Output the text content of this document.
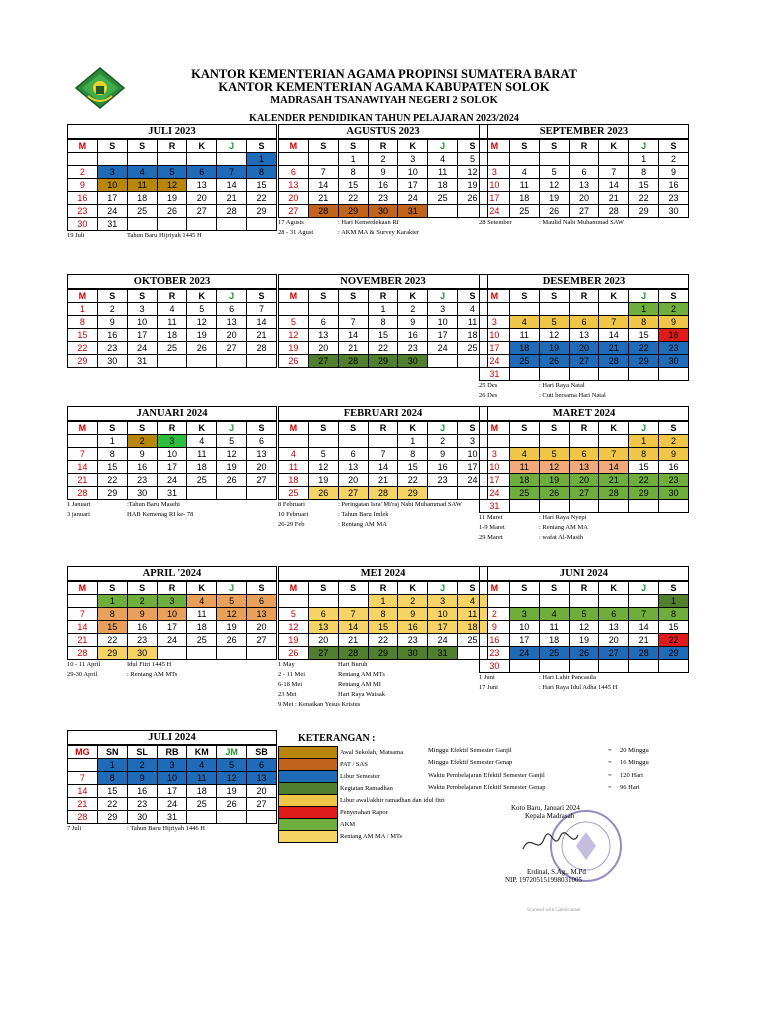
KANTOR KEMENTERIAN AGAMA PROPINSI SUMATERA BARAT
KANTOR KEMENTERIAN AGAMA KABUPATEN SOLOK
MADRASAH TSANAWIYAH NEGERI 2 SOLOK
KALENDER PENDIDIKAN TAHUN PELAJARAN 2023/2024
JULI 2023
M	S	S	R	K	J	S
						1
2	3	4	5	6	7	8
9	10	11	12	13	14	15
16	17	18	19	20	21	22
23	24	25	26	27	28	29
30	31					
19 Juli	Tahun Baru Hijriyah 1445 H
AGUSTUS 2023
M	S	S	R	K	J	S
		1	2	3	4	5
6	7	8	9	10	11	12
13	14	15	16	17	18	19
20	21	22	23	24	25	26
27	28	29	30	31		
17 Agusts	: Hari Kemerdekaan RI
28 - 31 Agust	: AKM MA & Survey Karakter
SEPTEMBER 2023
M	S	S	R	K	J	S
					1	2
3	4	5	6	7	8	9
10	11	12	13	14	15	16
17	18	19	20	21	22	23
24	25	26	27	28	29	30
28 Setember	: Maulid Nabi Muhammad SAW
OKTOBER 2023
M	S	S	R	K	J	S
1	2	3	4	5	6	7
8	9	10	11	12	13	14
15	16	17	18	19	20	21
22	23	24	25	26	27	28
29	30	31				
NOVEMBER 2023
M	S	S	R	K	J	S
			1	2	3	4
5	6	7	8	9	10	11
12	13	14	15	16	17	18
19	20	21	22	23	24	25
26	27	28	29	30		
DESEMBER 2023
M	S	S	R	K	J	S
					1	2
3	4	5	6	7	8	9
10	11	12	13	14	15	16
17	18	19	20	21	22	23
24	25	26	27	28	29	30
31						
25 Des	: Hari Raya Natal
26 Des	: Cuti bersama Hari Natal
JANUARI 2024
M	S	S	R	K	J	S
	1	2	3	4	5	6
7	8	9	10	11	12	13
14	15	16	17	18	19	20
21	22	23	24	25	26	27
28	29	30	31			
1 Januari	:Tahun Baru Masehi
3 januari	HAB Kemenag RI ke- 78
FEBRUARI 2024
M	S	S	R	K	J	S
				1	2	3
4	5	6	7	8	9	10
11	12	13	14	15	16	17
18	19	20	21	22	23	24
25	26	27	28	29		
8 Februari	: Peringatan Isra' Mi'raj Nabi Muhammad SAW
10 Februari	: Tahun Baru Imlek
26-29 Feb	: Rentang AM MA
MARET 2024
M	S	S	R	K	J	S
					1	2
3	4	5	6	7	8	9
10	11	12	13	14	15	16
17	18	19	20	21	22	23
24	25	26	27	28	29	30
31						
11 Maret	: Hari Raya Nyepi
1-9 Maret	: Rentang AM MA
29 Maret	: wafat Al-Masih
APRIL '2024
M	S	S	R	K	J	S
	1	2	3	4	5	6
7	8	9	10	11	12	13
14	15	16	17	18	19	20
21	22	23	24	25	26	27
28	29	30				
10 - 11 April	Idul Fitri 1445 H
29-30 April	: Rentang AM MTs
MEI 2024
M	S	S	R	K	J	S
			1	2	3	4
5	6	7	8	9	10	11
12	13	14	15	16	17	18
19	20	21	22	23	24	25
26	27	28	29	30	31	
1 May	Hari Buruh
2 - 11 Mei	Rentang AM MTs
6-18 Mei	Rentang AM MI
23 Mei	Hari Raya Waisak
9 Mei : Kenaikan Yesus Kristus
JUNI 2024
M	S	S	R	K	J	S
						1
2	3	4	5	6	7	8
9	10	11	12	13	14	15
16	17	18	19	20	21	22
23	24	25	26	27	28	29
30						
1 Juni	: Hari Lahir Pancasila
17 Juni	: Hari Raya Idul Adha 1445 H
JULI 2024
MG	SN	SL	RB	KM	JM	SB
	1	2	3	4	5	6
7	8	9	10	11	12	13
14	15	16	17	18	19	20
21	22	23	24	25	26	27
28	29	30	31			
7 Juli	: Tahun Baru Hijriyah 1446 H
KETERANGAN :
Awal Sekolah, Matsama
PAT / SAS
Libur Semester
Kegiatan Ramadhan
Libur awal/akhir ramadhan dan idul fitri
Penyerahan Rapor
AKM
Rentang AM MA / MTs
Minggu Efektif Semester Ganjil	=	20 Minggu
Minggu Efektif Semester Genap	=	16 Minggu
Waktu Pembelajaran Efektif Semester Ganjil	=	120 Hari
Waktu Pembelajaran Efektif Semester Genap	=	96 Hari
Koto Baru, Januari 2024
Kepala Madrasah
Erdinal, S.Ag., M.Pd
NIP. 197205151998031005
Scanned with CamScanner
